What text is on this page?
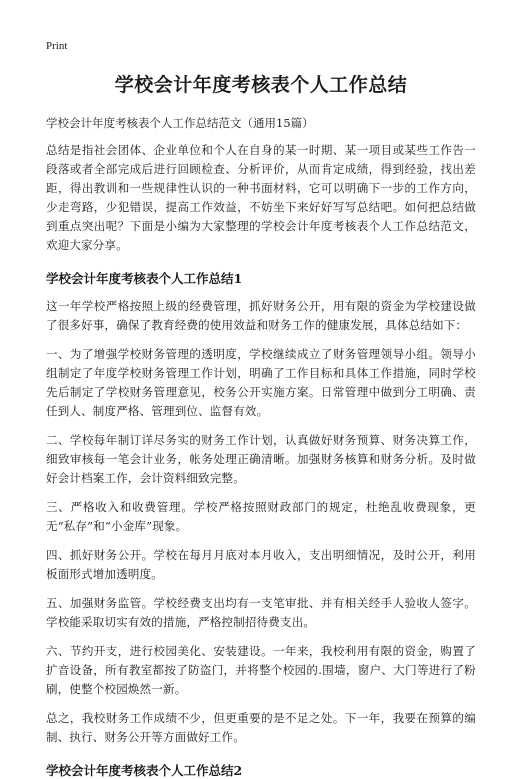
Print
学校会计年度考核表个人工作总结
学校会计年度考核表个人工作总结范文（通用15篇）

总结是指社会团体、企业单位和个人在自身的某一时期、某一项目或某些工作告一段落或者全部完成后进行回顾检查、分析评价，从而肯定成绩，得到经验，找出差距，得出教训和一些规律性认识的一种书面材料，它可以明确下一步的工作方向，少走弯路，少犯错误，提高工作效益，不妨坐下来好好写写总结吧。如何把总结做到重点突出呢？下面是小编为大家整理的学校会计年度考核表个人工作总结范文，欢迎大家分享。

学校会计年度考核表个人工作总结1

这一年学校严格按照上级的经费管理，抓好财务公开，用有限的资金为学校建设做了很多好事，确保了教育经费的使用效益和财务工作的健康发展，具体总结如下：

一、为了增强学校财务管理的透明度，学校继续成立了财务管理领导小组。领导小组制定了年度学校财务管理工作计划，明确了工作目标和具体工作措施，同时学校先后制定了学校财务管理意见，校务公开实施方案。日常管理中做到分工明确、责任到人、制度严格、管理到位、监督有效。

二、学校每年制订详尽务实的财务工作计划，认真做好财务预算、财务决算工作，细致审核每一笔会计业务，帐务处理正确清晰。加强财务核算和财务分析。及时做好会计档案工作，会计资料细致完整。

三、严格收入和收费管理。学校严格按照财政部门的规定，杜绝乱收费现象，更无“私存”和“小金库”现象。

四、抓好财务公开。学校在每月月底对本月收入，支出明细情况，及时公开，利用板面形式增加透明度。

五、加强财务监管。学校经费支出均有一支笔审批、并有相关经手人验收人签字。学校能采取切实有效的措施，严格控制招待费支出。

六、节约开支，进行校园美化、安装建设。一年来，我校利用有限的资金，购置了扩音设备，所有教室都按了防盗门，并将整个校园的.围墙，窗户、大门等进行了粉刷，使整个校园焕然一新。

总之，我校财务工作成绩不少，但更重要的是不足之处。下一年，我要在预算的编制、执行、财务公开等方面做好工作。

学校会计年度考核表个人工作总结2
